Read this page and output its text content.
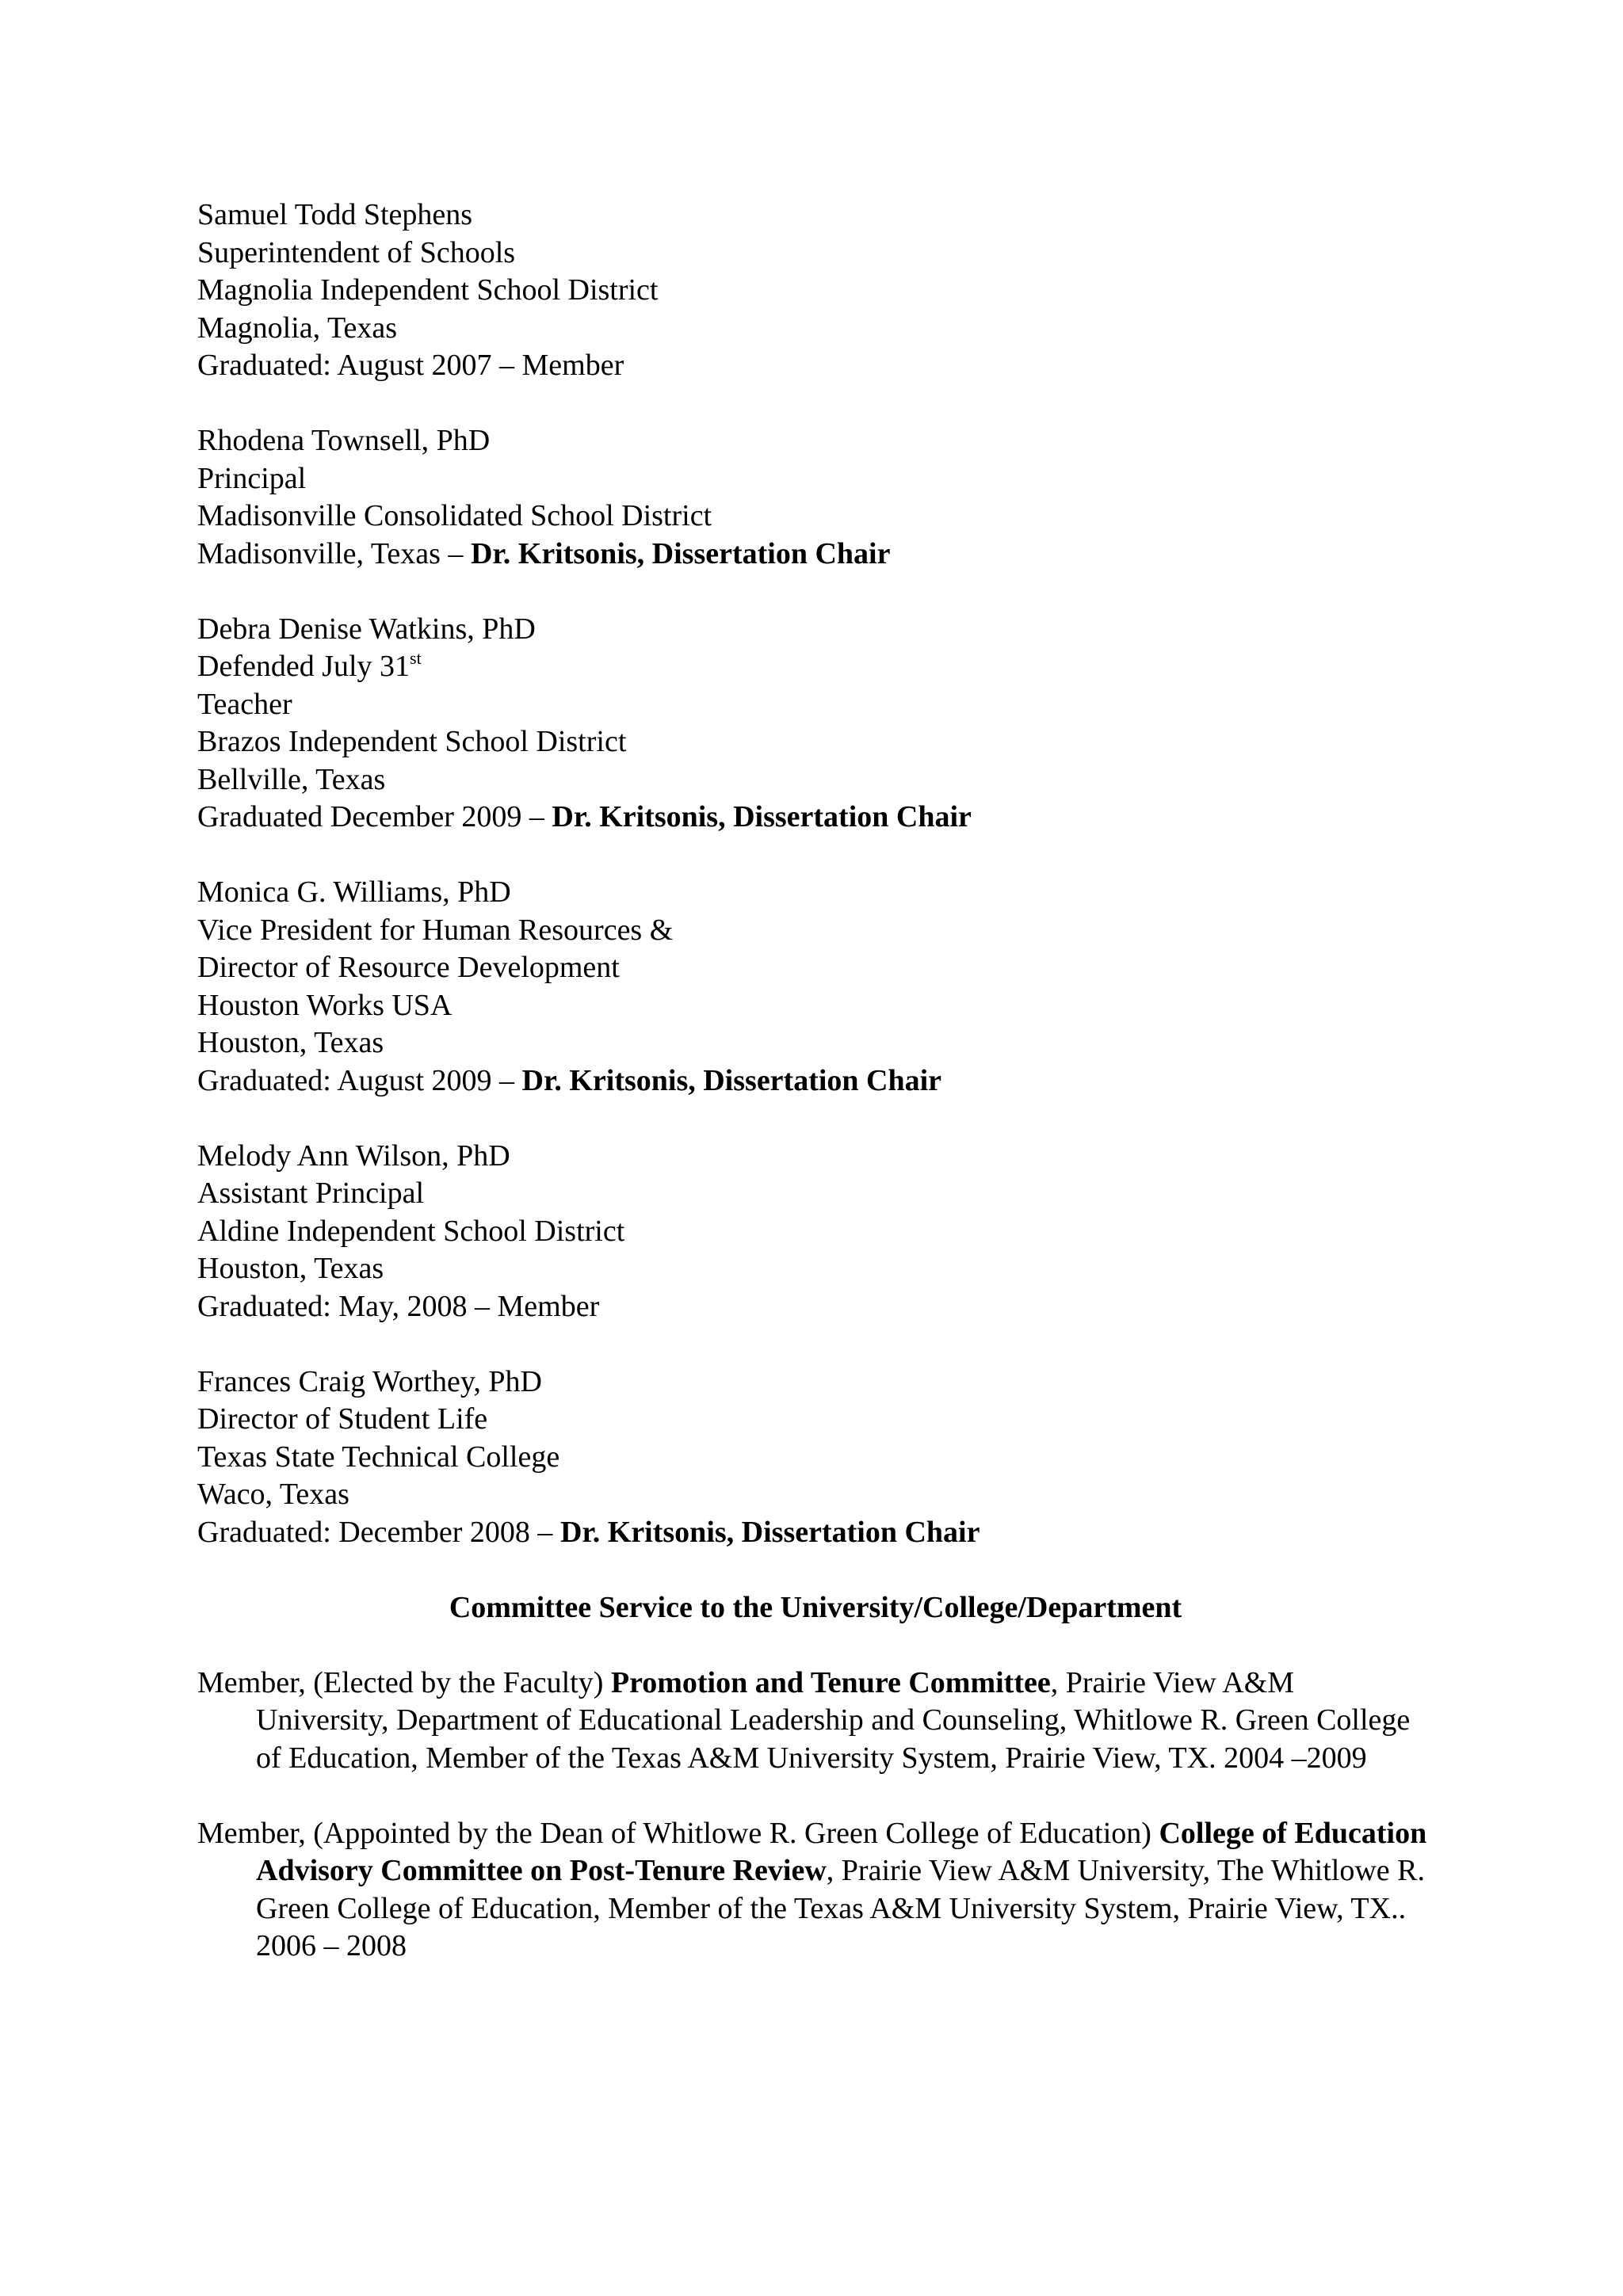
Samuel Todd Stephens
Superintendent of Schools
Magnolia Independent School District
Magnolia, Texas
Graduated: August 2007 – Member
Rhodena Townsell, PhD
Principal
Madisonville Consolidated School District
Madisonville, Texas – Dr. Kritsonis, Dissertation Chair
Debra Denise Watkins, PhD
Defended July 31st
Teacher
Brazos Independent School District
Bellville, Texas
Graduated December 2009 – Dr. Kritsonis, Dissertation Chair
Monica G. Williams, PhD
Vice President for Human Resources &
Director of Resource Development
Houston Works USA
Houston, Texas
Graduated: August 2009 – Dr. Kritsonis, Dissertation Chair
Melody Ann Wilson, PhD
Assistant Principal
Aldine Independent School District
Houston, Texas
Graduated: May, 2008 – Member
Frances Craig Worthey, PhD
Director of Student Life
Texas State Technical College
Waco, Texas
Graduated: December 2008 – Dr. Kritsonis, Dissertation Chair
Committee Service to the University/College/Department
Member, (Elected by the Faculty) Promotion and Tenure Committee, Prairie View A&M University, Department of Educational Leadership and Counseling, Whitlowe R. Green College of Education, Member of the Texas A&M University System, Prairie View, TX. 2004 –2009
Member, (Appointed by the Dean of Whitlowe R. Green College of Education) College of Education Advisory Committee on Post-Tenure Review, Prairie View A&M University, The Whitlowe R. Green College of Education, Member of the Texas A&M University System, Prairie View, TX.. 2006 – 2008
